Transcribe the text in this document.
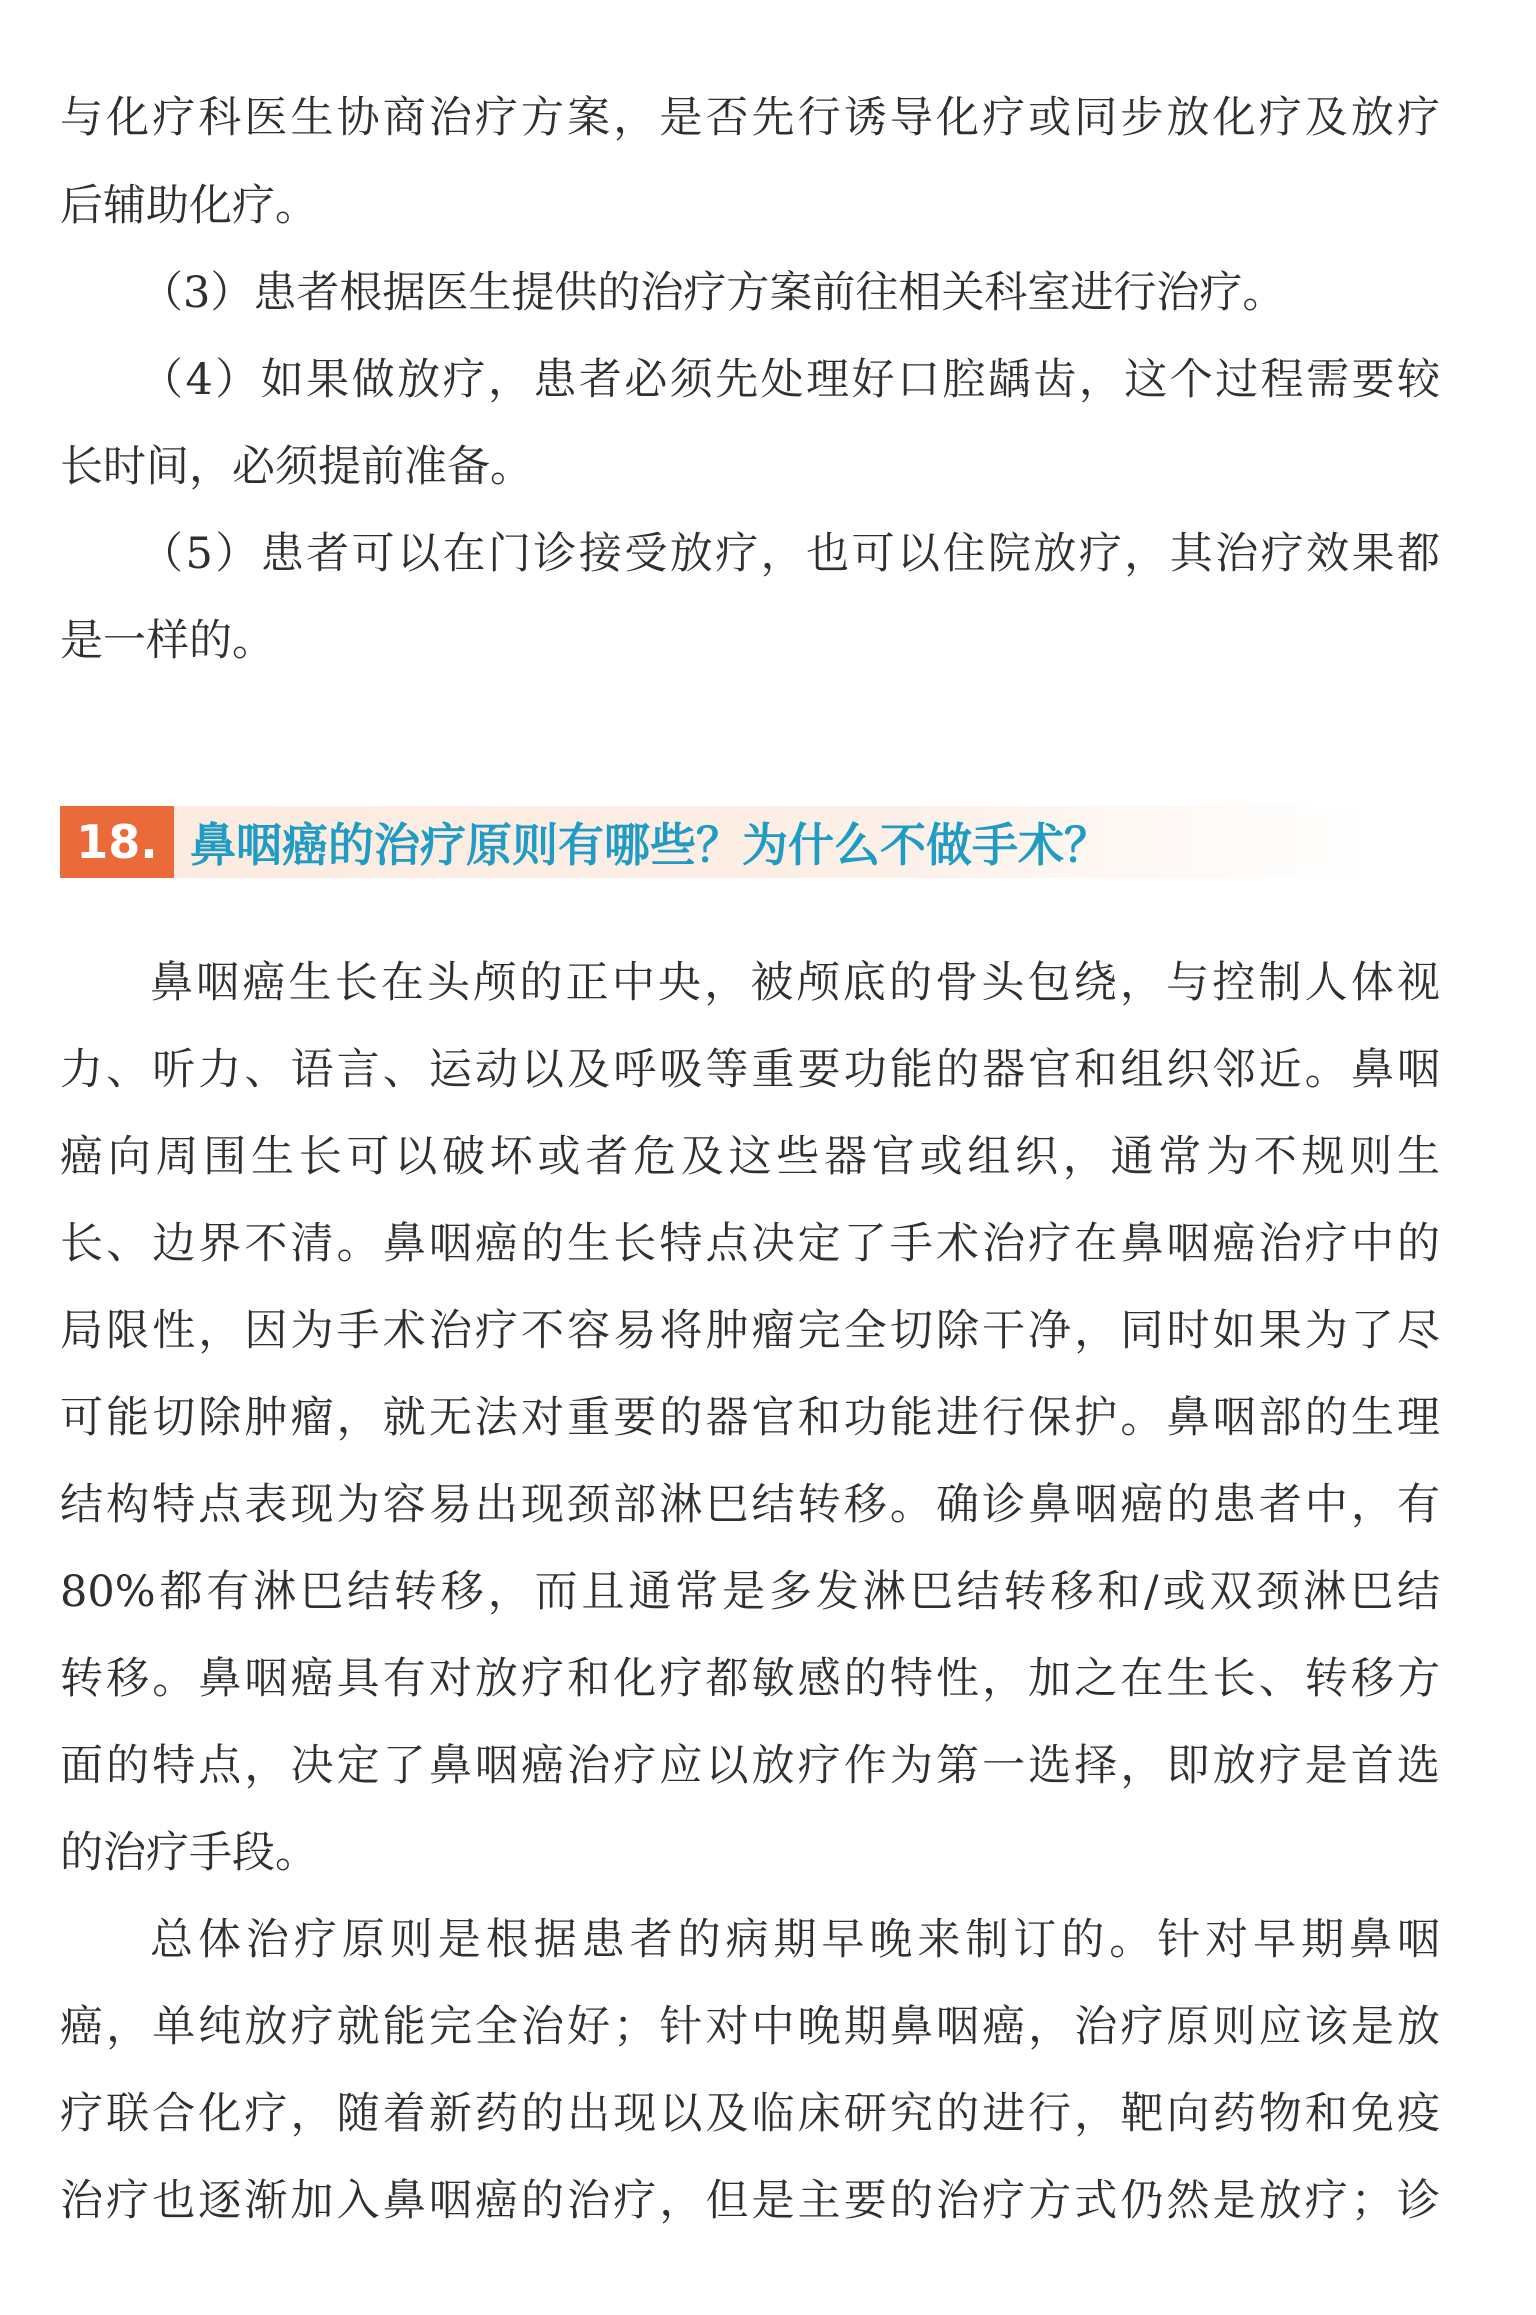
与化疗科医生协商治疗方案，是否先行诱导化疗或同步放化疗及放疗
后辅助化疗。
（3）患者根据医生提供的治疗方案前往相关科室进行治疗。
（4）如果做放疗，患者必须先处理好口腔龋齿，这个过程需要较
长时间，必须提前准备。
（5）患者可以在门诊接受放疗，也可以住院放疗，其治疗效果都
是一样的。
18. 鼻咽癌的治疗原则有哪些？为什么不做手术？
鼻咽癌生长在头颅的正中央，被颅底的骨头包绕，与控制人体视
力、听力、语言、运动以及呼吸等重要功能的器官和组织邻近。鼻咽
癌向周围生长可以破坏或者危及这些器官或组织，通常为不规则生
长、边界不清。鼻咽癌的生长特点决定了手术治疗在鼻咽癌治疗中的
局限性，因为手术治疗不容易将肿瘤完全切除干净，同时如果为了尽
可能切除肿瘤，就无法对重要的器官和功能进行保护。鼻咽部的生理
结构特点表现为容易出现颈部淋巴结转移。确诊鼻咽癌的患者中，有
80%都有淋巴结转移，而且通常是多发淋巴结转移和/或双颈淋巴结
转移。鼻咽癌具有对放疗和化疗都敏感的特性，加之在生长、转移方
面的特点，决定了鼻咽癌治疗应以放疗作为第一选择，即放疗是首选
的治疗手段。
总体治疗原则是根据患者的病期早晚来制订的。针对早期鼻咽
癌，单纯放疗就能完全治好；针对中晚期鼻咽癌，治疗原则应该是放
疗联合化疗，随着新药的出现以及临床研究的进行，靶向药物和免疫
治疗也逐渐加入鼻咽癌的治疗，但是主要的治疗方式仍然是放疗；诊
